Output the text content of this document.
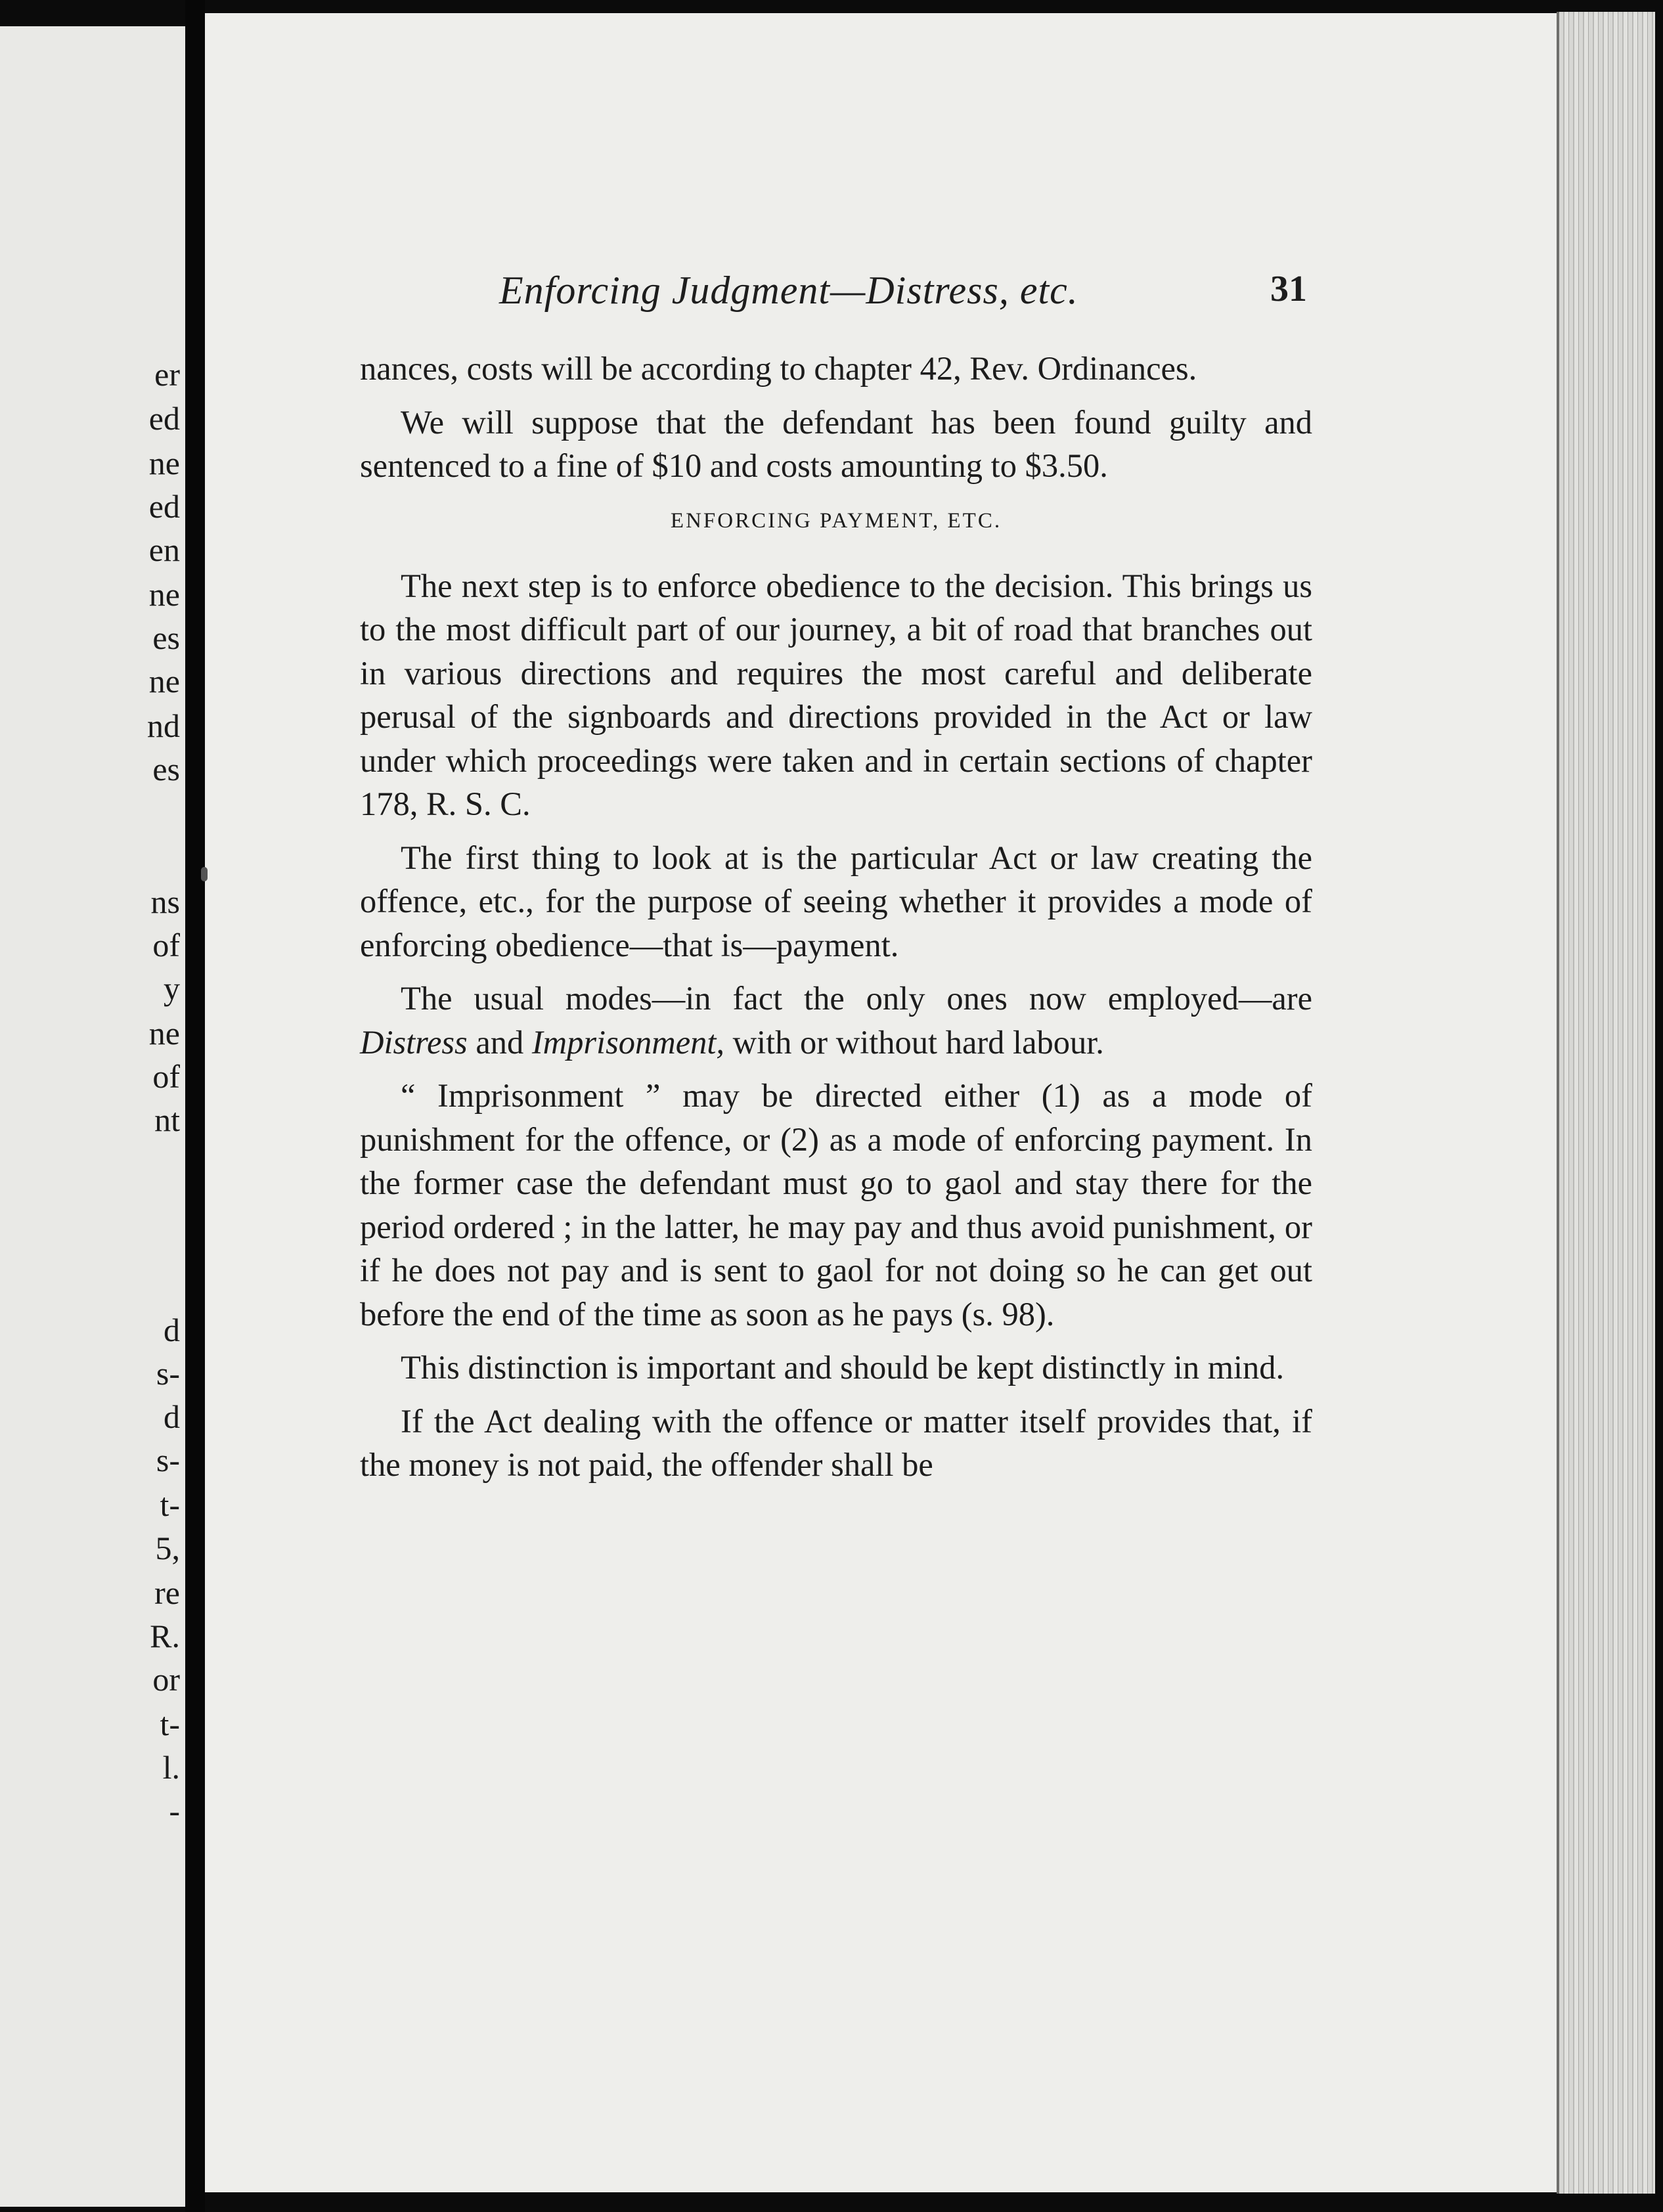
er
ed
ne
ed
en
ne
es
ne
nd
es
ns
of
y
ne
of
nt
d
s-
d
s-
t-
5,
re
R.
or
t-
l.
-
Enforcing Judgment—Distress, etc.	31

nances, costs will be according to chapter 42, Rev. Ordinances.

We will suppose that the defendant has been found guilty and sentenced to a fine of $10 and costs amounting to $3.50.

ENFORCING PAYMENT, ETC.

The next step is to enforce obedience to the decision. This brings us to the most difficult part of our journey, a bit of road that branches out in various directions and requires the most careful and deliberate perusal of the signboards and directions provided in the Act or law under which proceedings were taken and in certain sections of chapter 178, R. S. C.

The first thing to look at is the particular Act or law creating the offence, etc., for the purpose of seeing whether it provides a mode of enforcing obedience—that is—payment.

The usual modes—in fact the only ones now employed—are Distress and Imprisonment, with or without hard labour.

“ Imprisonment ” may be directed either (1) as a mode of punishment for the offence, or (2) as a mode of enforcing payment. In the former case the defendant must go to gaol and stay there for the period ordered ; in the latter, he may pay and thus avoid punishment, or if he does not pay and is sent to gaol for not doing so he can get out before the end of the time as soon as he pays (s. 98).

This distinction is important and should be kept distinctly in mind.

If the Act dealing with the offence or matter itself provides that, if the money is not paid, the offender shall be
